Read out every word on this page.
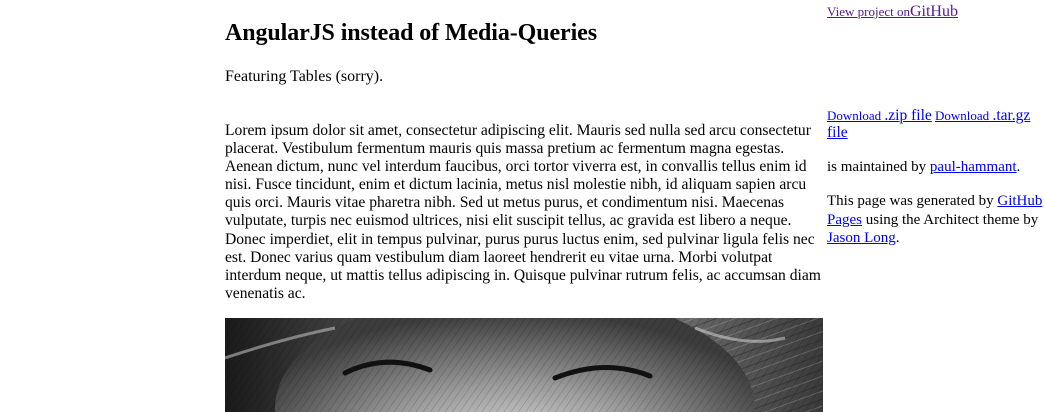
View project onGitHub
AngularJS instead of Media-Queries

Featuring Tables (sorry).

Lorem ipsum dolor sit amet, consectetur adipiscing elit. Mauris sed nulla sed arcu consectetur placerat. Vestibulum fermentum mauris quis massa pretium ac fermentum magna egestas. Aenean dictum, nunc vel interdum faucibus, orci tortor viverra est, in convallis tellus enim id nisi. Fusce tincidunt, enim et dictum lacinia, metus nisl molestie nibh, id aliquam sapien arcu quis orci. Mauris vitae pharetra nibh. Sed ut metus purus, et condimentum nisi. Maecenas vulputate, turpis nec euismod ultrices, nisi elit suscipit tellus, ac gravida est libero a neque. Donec imperdiet, elit in tempus pulvinar, purus purus luctus enim, sed pulvinar ligula felis nec est. Donec varius quam vestibulum diam laoreet hendrerit eu vitae urna. Morbi volutpat interdum neque, ut mattis tellus adipiscing in. Quisque pulvinar rutrum felis, ac accumsan diam venenatis ac.

Download .zip file Download .tar.gz file
is maintained by paul-hammant.
This page was generated by GitHub Pages using the Architect theme by Jason Long.
